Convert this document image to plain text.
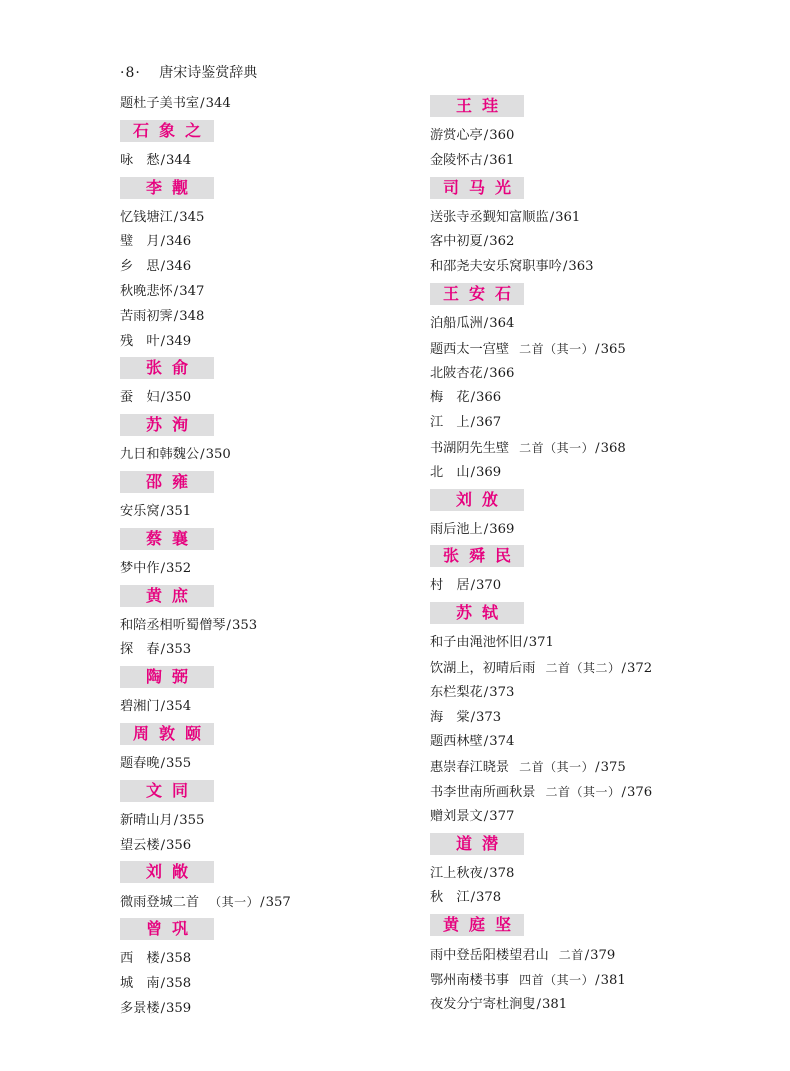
·8· 唐宋诗鉴赏辞典
题杜子美书室/344
石象之
咏　愁/344
李觏
忆钱塘江/345
璧　月/346
乡　思/346
秋晚悲怀/347
苦雨初霁/348
残　叶/349
张俞
蚕　妇/350
苏洵
九日和韩魏公/350
邵雍
安乐窝/351
蔡襄
梦中作/352
黄庶
和陪丞相听蜀僧琴/353
探　春/353
陶弼
碧湘门/354
周敦颐
题春晚/355
文同
新晴山月/355
望云楼/356
刘敞
微雨登城二首 （其一）/357
曾巩
西　楼/358
城　南/358
多景楼/359
王珪
游赏心亭/360
金陵怀古/361
司马光
送张寺丞觐知富顺监/361
客中初夏/362
和邵尧夫安乐窝职事吟/363
王安石
泊船瓜洲/364
题西太一宫壁 二首（其一）/365
北陂杏花/366
梅　花/366
江　上/367
书湖阴先生壁 二首（其一）/368
北　山/369
刘攽
雨后池上/369
张舜民
村　居/370
苏轼
和子由渑池怀旧/371
饮湖上，初晴后雨 二首（其二）/372
东栏梨花/373
海　棠/373
题西林壁/374
惠崇春江晓景 二首（其一）/375
书李世南所画秋景 二首（其一）/376
赠刘景文/377
道潜
江上秋夜/378
秋　江/378
黄庭坚
雨中登岳阳楼望君山 二首/379
鄂州南楼书事 四首（其一）/381
夜发分宁寄杜涧叟/381
